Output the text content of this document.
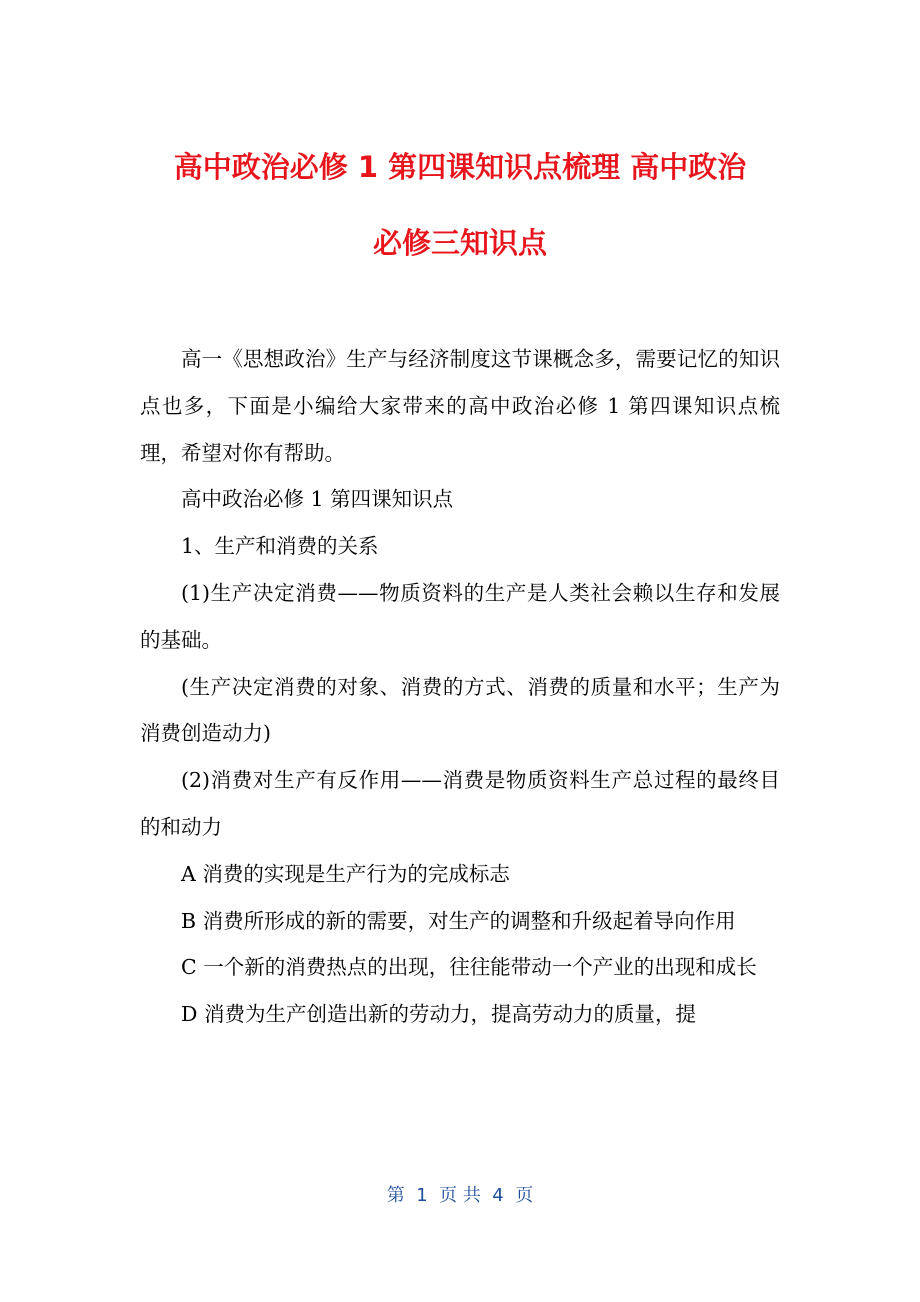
高中政治必修 1 第四课知识点梳理 高中政治
必修三知识点

高一《思想政治》生产与经济制度这节课概念多，需要记忆的知识点也多，下面是小编给大家带来的高中政治必修 1 第四课知识点梳理，希望对你有帮助。

高中政治必修 1 第四课知识点

1、生产和消费的关系

(1)生产决定消费——物质资料的生产是人类社会赖以生存和发展的基础。

(生产决定消费的对象、消费的方式、消费的质量和水平；生产为消费创造动力)

(2)消费对生产有反作用——消费是物质资料生产总过程的最终目的和动力

A 消费的实现是生产行为的完成标志

B 消费所形成的新的需要，对生产的调整和升级起着导向作用

C 一个新的消费热点的出现，往往能带动一个产业的出现和成长

D 消费为生产创造出新的劳动力，提高劳动力的质量，提

第  1  页 共  4  页
